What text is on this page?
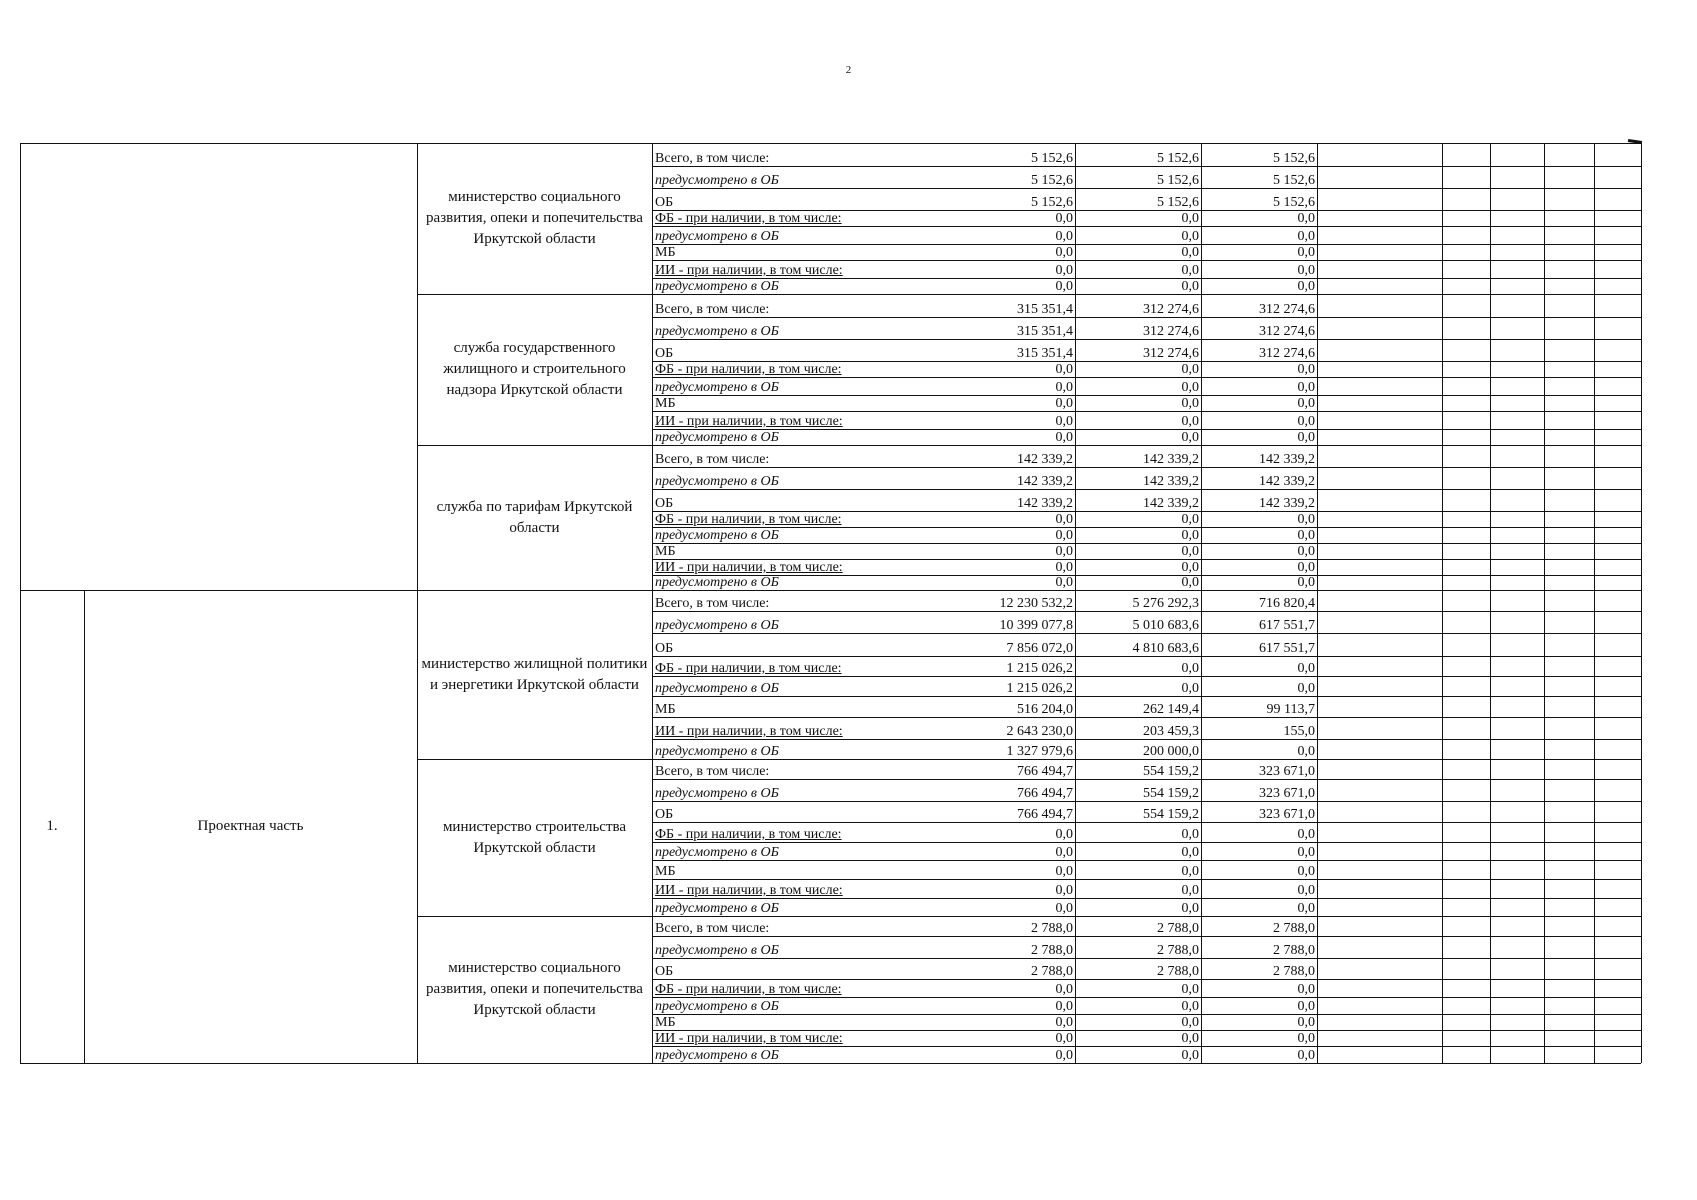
2
министерство социального развития, опеки и попечительства Иркутской области
Всего, в том числе:	5 152,6	5 152,6	5 152,6
предусмотрено в ОБ	5 152,6	5 152,6	5 152,6
ОБ	5 152,6	5 152,6	5 152,6
ФБ - при наличии, в том числе:	0,0	0,0	0,0
предусмотрено в ОБ	0,0	0,0	0,0
МБ	0,0	0,0	0,0
ИИ - при наличии, в том числе:	0,0	0,0	0,0
предусмотрено в ОБ	0,0	0,0	0,0
служба государственного жилищного и строительного надзора Иркутской области
Всего, в том числе:	315 351,4	312 274,6	312 274,6
предусмотрено в ОБ	315 351,4	312 274,6	312 274,6
ОБ	315 351,4	312 274,6	312 274,6
ФБ - при наличии, в том числе:	0,0	0,0	0,0
предусмотрено в ОБ	0,0	0,0	0,0
МБ	0,0	0,0	0,0
ИИ - при наличии, в том числе:	0,0	0,0	0,0
предусмотрено в ОБ	0,0	0,0	0,0
служба по тарифам Иркутской области
Всего, в том числе:	142 339,2	142 339,2	142 339,2
предусмотрено в ОБ	142 339,2	142 339,2	142 339,2
ОБ	142 339,2	142 339,2	142 339,2
ФБ - при наличии, в том числе:	0,0	0,0	0,0
предусмотрено в ОБ	0,0	0,0	0,0
МБ	0,0	0,0	0,0
ИИ - при наличии, в том числе:	0,0	0,0	0,0
предусмотрено в ОБ	0,0	0,0	0,0
министерство жилищной политики и энергетики Иркутской области
Всего, в том числе:	12 230 532,2	5 276 292,3	716 820,4
предусмотрено в ОБ	10 399 077,8	5 010 683,6	617 551,7
ОБ	7 856 072,0	4 810 683,6	617 551,7
ФБ - при наличии, в том числе:	1 215 026,2	0,0	0,0
предусмотрено в ОБ	1 215 026,2	0,0	0,0
МБ	516 204,0	262 149,4	99 113,7
ИИ - при наличии, в том числе:	2 643 230,0	203 459,3	155,0
предусмотрено в ОБ	1 327 979,6	200 000,0	0,0
министерство строительства Иркутской области
Всего, в том числе:	766 494,7	554 159,2	323 671,0
предусмотрено в ОБ	766 494,7	554 159,2	323 671,0
ОБ	766 494,7	554 159,2	323 671,0
ФБ - при наличии, в том числе:	0,0	0,0	0,0
предусмотрено в ОБ	0,0	0,0	0,0
МБ	0,0	0,0	0,0
ИИ - при наличии, в том числе:	0,0	0,0	0,0
предусмотрено в ОБ	0,0	0,0	0,0
министерство социального развития, опеки и попечительства Иркутской области
Всего, в том числе:	2 788,0	2 788,0	2 788,0
предусмотрено в ОБ	2 788,0	2 788,0	2 788,0
ОБ	2 788,0	2 788,0	2 788,0
ФБ - при наличии, в том числе:	0,0	0,0	0,0
предусмотрено в ОБ	0,0	0,0	0,0
МБ	0,0	0,0	0,0
ИИ - при наличии, в том числе:	0,0	0,0	0,0
предусмотрено в ОБ	0,0	0,0	0,0
1.	Проектная часть
